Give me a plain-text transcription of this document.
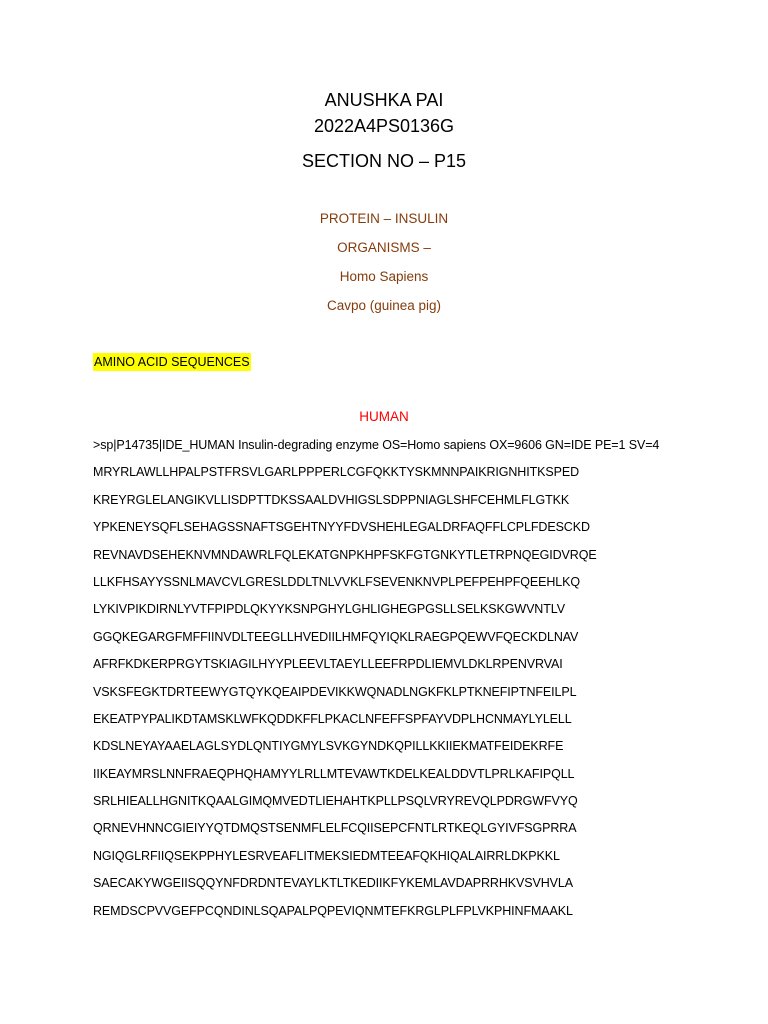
ANUSHKA PAI
2022A4PS0136G
SECTION NO – P15
PROTEIN – INSULIN
ORGANISMS –
Homo Sapiens
Cavpo (guinea pig)
AMINO ACID SEQUENCES
HUMAN
>sp|P14735|IDE_HUMAN Insulin-degrading enzyme OS=Homo sapiens OX=9606 GN=IDE PE=1 SV=4
MRYRLAWLLHPALPSTFRSVLGARLPPPERLCGFQKKTYSKMNNPAIKRIGNHITKSPED
KREYRGLELANGIKVLLISDPTTDKSSAALDVHIGSLSDPPNIAGLSHFCEHMLFLGTKK
YPKENEYSQFLSEHAGSSNAFTSGEHTNYYFDVSHEHLEGALDRFAQFFLCPLFDESCKD
REVNAVDSEHEKNVMNDAWRLFQLEKATGNPKHPFSKFGTGNKYTLETRPNQEGIDVRQE
LLKFHSAYYSSNLMAVCVLGRESLDDLTNLVVKLFSEVENKNVPLPEFPEHPFQEEHLKQ
LYKIVPIKDIRNLYVTFPIPDLQKYYKSNPGHYLGHLIGHEGPGSLLSELKSKGWVNTLV
GGQKEGARGFMFFIINVDLTEEGLLHVEDIILHMFQYIQKLRAEGPQEWVFQECKDLNAV
AFRFKDKERPRGYTSKIAGILHYYPLEEVLTAEYLLEEFRPDLIEMVLDKLRPENVRVAI
VSKSFEGKTDRTEEWYGTQYKQEAIPDEVIKKWQNADLNGKFKLPTKNEFIPTNFEILPL
EKEATPYPALIKDTAMSKLWFKQDDKFFLPKACLNFEFFSPFAYVDPLHCNMAYLYLELL
KDSLNEYAYAAELAGLSYDLQNTIYGMYLSVKGYNDKQPILLKKIIEKMATFEIDEKRFE
IIKEAYMRSLNNFRAEQPHQHAMYYLRLLMTEVAWTKDELKEALDDVTLPRLKAFIPQLL
SRLHIEALLHGNITKQAALGIMQMVEDTLIEHAHTKPLLPSQLVRYREVQLPDRGWFVYQ
QRNEVHNNCGIEIYYQTDMQSTSENMFLELFCQIISEPCFNTLRTKEQLGYIVFSGPRRA
NGIQGLRFIIQSEKPPHYLESRVEAFLITMEKSIEDMTEEAFQKHIQALAIRRLDKPKKL
SAECAKYWGEIISQQYNFDRDNTEVAYLKTLTKEDIIKFYKEMLAVDAPRRHKVSVHVLA
REMDSCPVVGEFPCQNDINLSQAPALPQPEVIQNMTEFKRGLPLFPLVKPHINFMAAKL
